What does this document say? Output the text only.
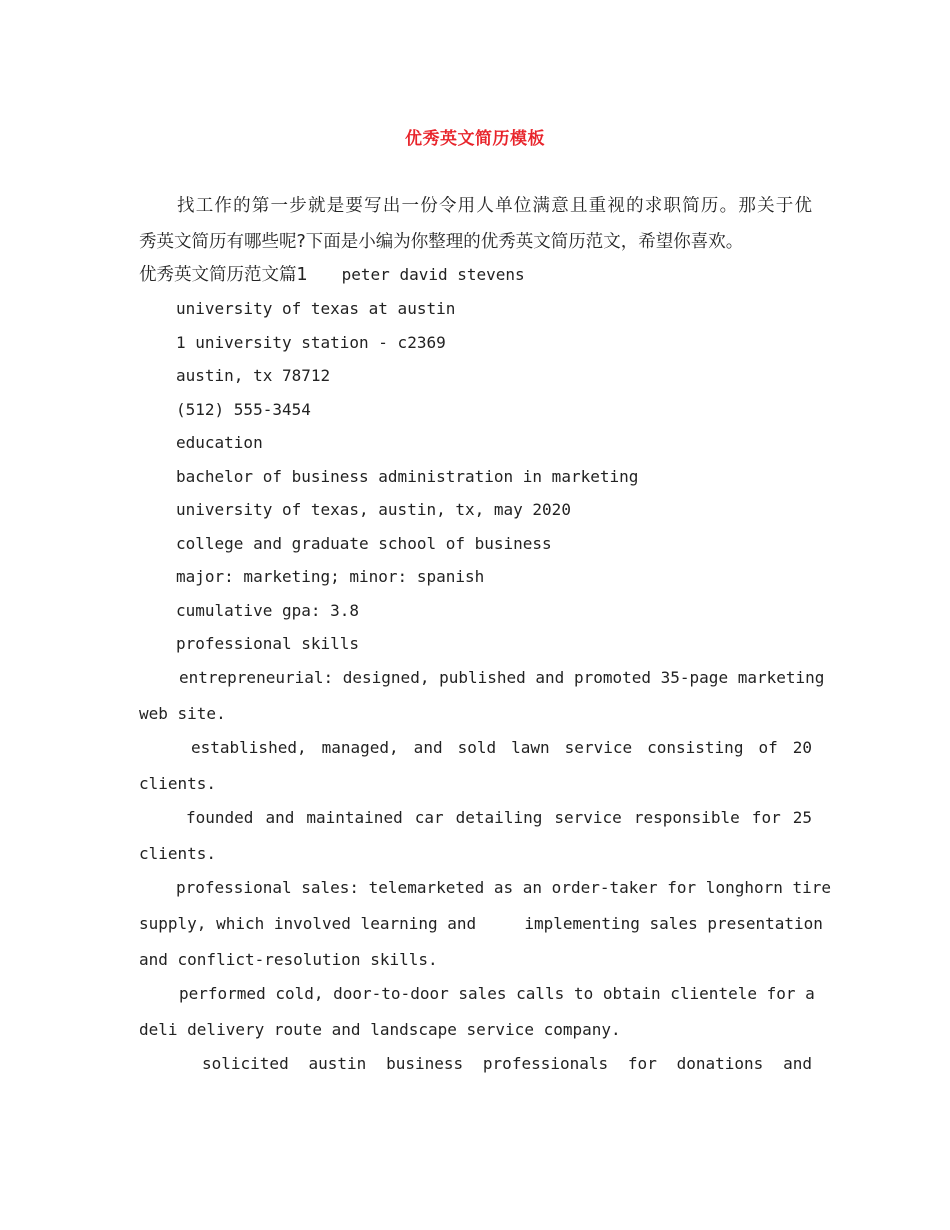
优秀英文简历模板
找工作的第一步就是要写出一份令用人单位满意且重视的求职简历。那关于优
秀英文简历有哪些呢?下面是小编为你整理的优秀英文简历范文，希望你喜欢。
优秀英文简历范文篇1 peter david stevens
university of texas at austin
1 university station - c2369
austin, tx 78712
(512) 555-3454
education
bachelor of business administration in marketing
university of texas, austin, tx, may 2020
college and graduate school of business
major: marketing; minor: spanish
cumulative gpa: 3.8
professional skills
entrepreneurial: designed, published and promoted 35-page marketing
web site.
established, managed, and sold lawn service consisting of 20
clients.
founded and maintained car detailing service responsible for 25
clients.
professional sales: telemarketed as an order-taker for longhorn tire
supply, which involved learning and     implementing sales presentation
and conflict-resolution skills.
performed cold, door-to-door sales calls to obtain clientele for a
deli delivery route and landscape service company.
solicited austin business professionals for donations and
